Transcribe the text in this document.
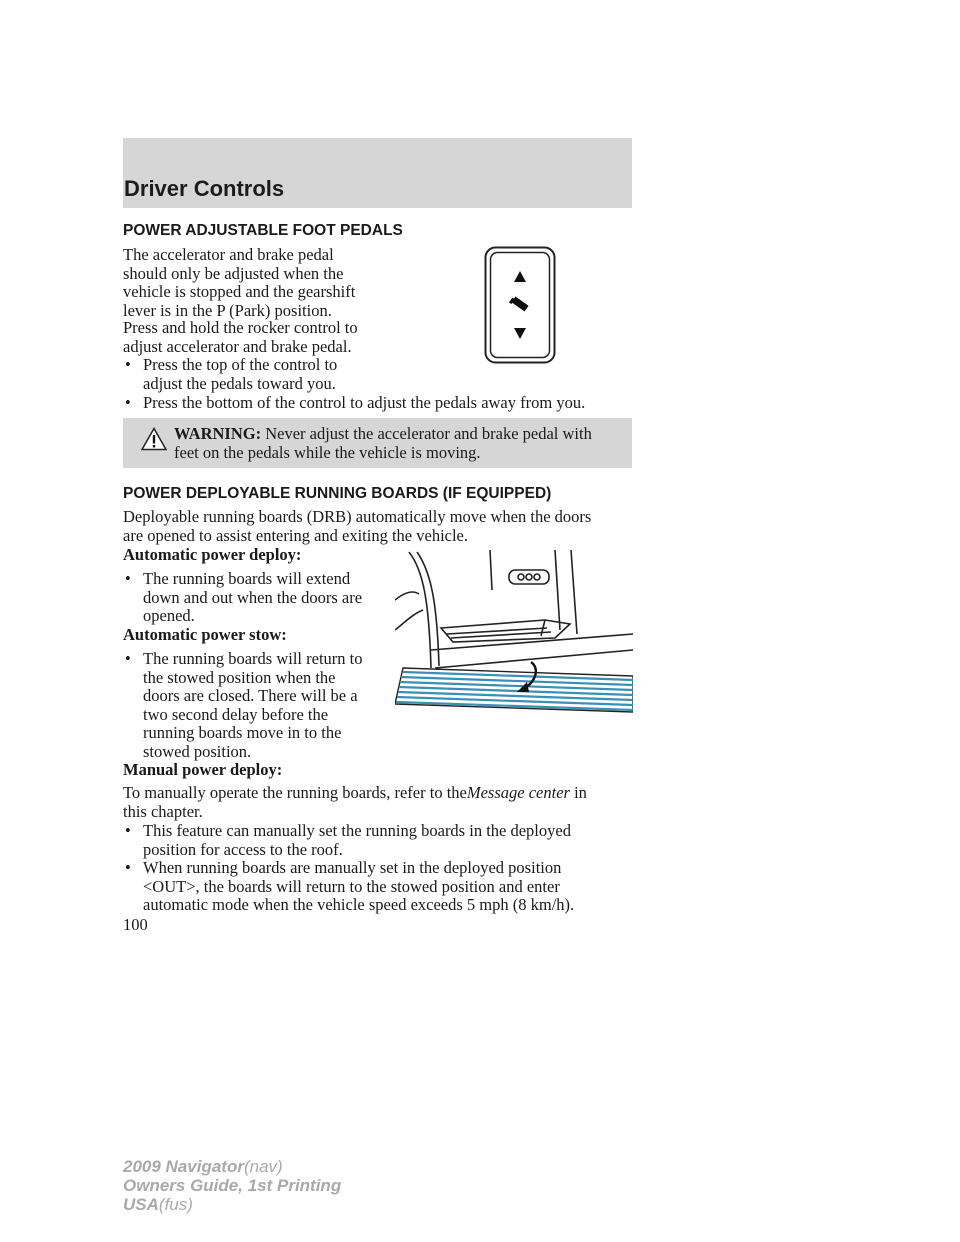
Driver Controls
POWER ADJUSTABLE FOOT PEDALS
The accelerator and brake pedal
should only be adjusted when the
vehicle is stopped and the gearshift
lever is in the P (Park) position.
Press and hold the rocker control to
adjust accelerator and brake pedal.
• Press the top of the control to
adjust the pedals toward you.
• Press the bottom of the control to adjust the pedals away from you.
WARNING: Never adjust the accelerator and brake pedal with
feet on the pedals while the vehicle is moving.
POWER DEPLOYABLE RUNNING BOARDS (IF EQUIPPED)
Deployable running boards (DRB) automatically move when the doors
are opened to assist entering and exiting the vehicle.
Automatic power deploy:
• The running boards will extend
down and out when the doors are
opened.
Automatic power stow:
• The running boards will return to
the stowed position when the
doors are closed. There will be a
two second delay before the
running boards move in to the
stowed position.
Manual power deploy:
To manually operate the running boards, refer to theMessage center in
this chapter.
• This feature can manually set the running boards in the deployed
position for access to the roof.
• When running boards are manually set in the deployed position
<OUT>, the boards will return to the stowed position and enter
automatic mode when the vehicle speed exceeds 5 mph (8 km/h).
100
2009 Navigator(nav)
Owners Guide, 1st Printing
USA(fus)
